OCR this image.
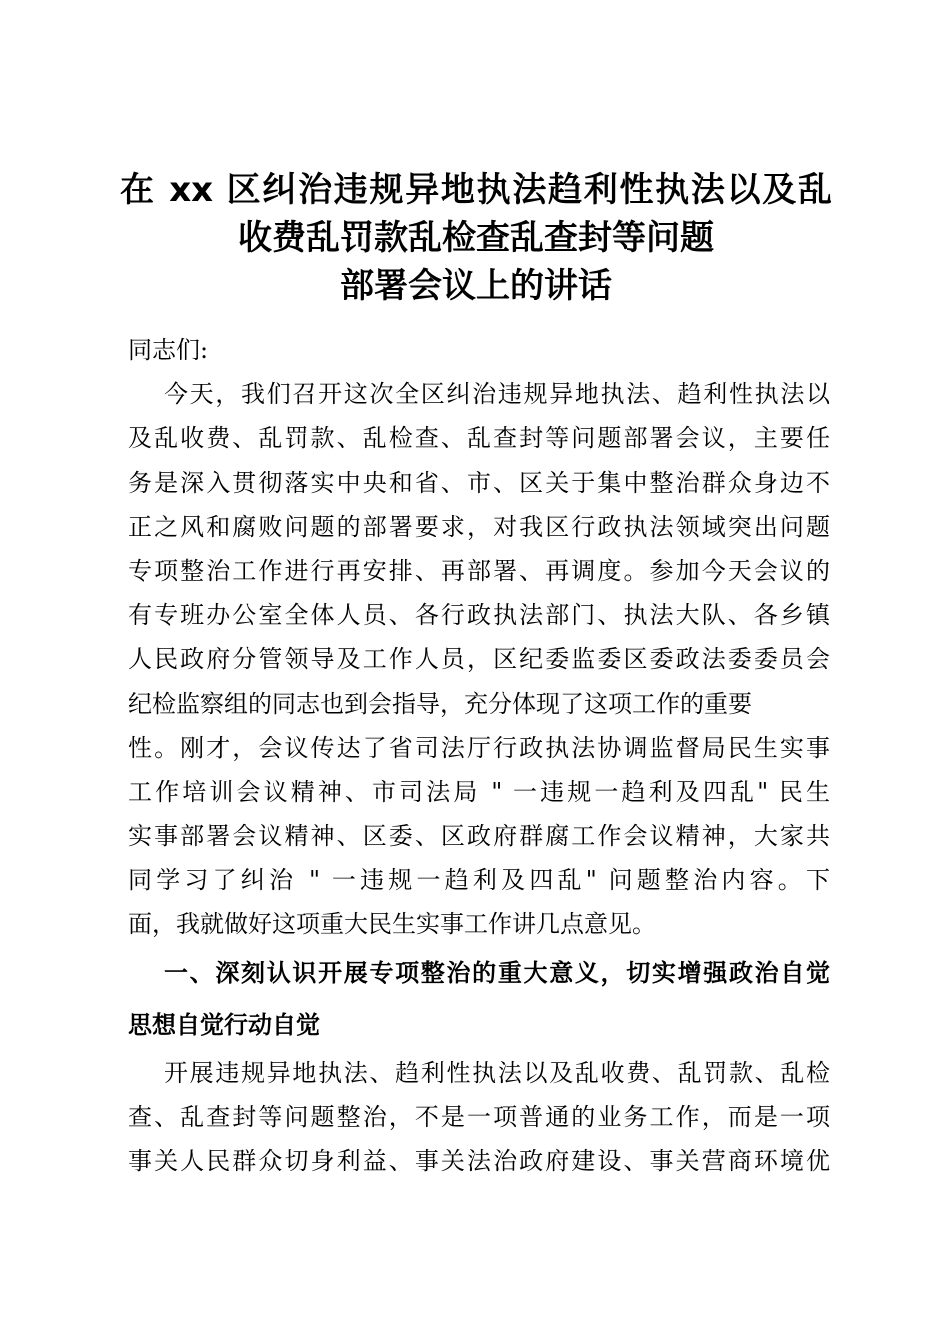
在 xx 区纠治违规异地执法趋利性执法以及乱
收费乱罚款乱检查乱查封等问题
部署会议上的讲话
同志们:
今天，我们召开这次全区纠治违规异地执法、趋利性执法以
及乱收费、乱罚款、乱检查、乱查封等问题部署会议，主要任
务是深入贯彻落实中央和省、市、区关于集中整治群众身边不
正之风和腐败问题的部署要求，对我区行政执法领域突出问题
专项整治工作进行再安排、再部署、再调度。参加今天会议的
有专班办公室全体人员、各行政执法部门、执法大队、各乡镇
人民政府分管领导及工作人员，区纪委监委区委政法委委员会
纪检监察组的同志也到会指导，充分体现了这项工作的重要
性。刚才，会议传达了省司法厅行政执法协调监督局民生实事
工作培训会议精神、市司法局 " 一违规一趋利及四乱" 民生
实事部署会议精神、区委、区政府群腐工作会议精神，大家共
同学习了纠治 " 一违规一趋利及四乱" 问题整治内容。下
面，我就做好这项重大民生实事工作讲几点意见。
一、深刻认识开展专项整治的重大意义，切实增强政治自觉
思想自觉行动自觉
开展违规异地执法、趋利性执法以及乱收费、乱罚款、乱检
查、乱查封等问题整治，不是一项普通的业务工作，而是一项
事关人民群众切身利益、事关法治政府建设、事关营商环境优
